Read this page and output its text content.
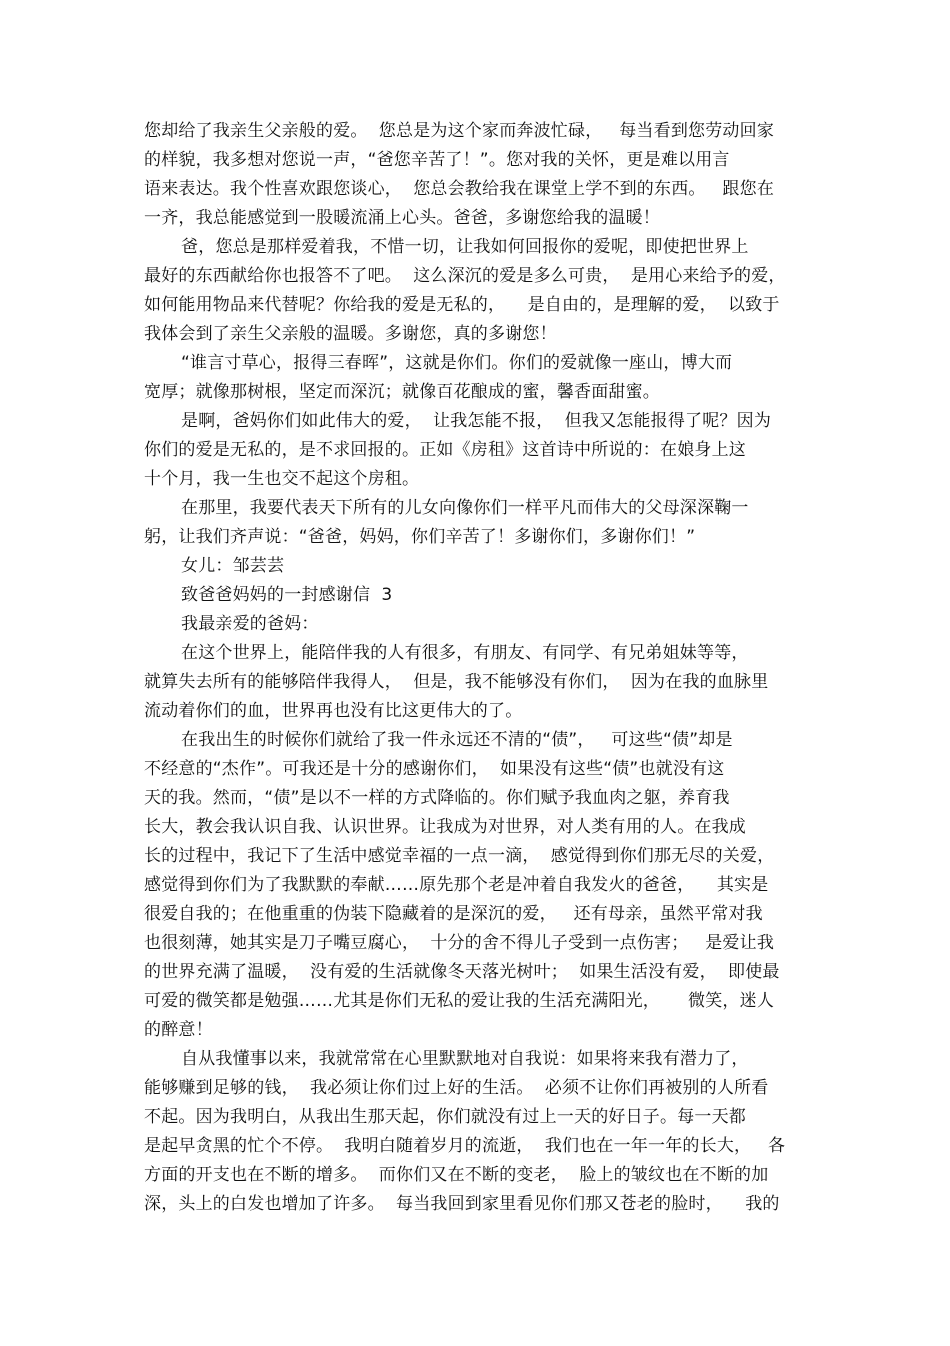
您却给了我亲生父亲般的爱。  您总是为这个家而奔波忙碌，   每当看到您劳动回家
的样貌，我多想对您说一声，“爸您辛苦了！”。您对我的关怀，更是难以用言
语来表达。我个性喜欢跟您谈心，  您总会教给我在课堂上学不到的东西。   跟您在
一齐，我总能感觉到一股暖流涌上心头。爸爸，多谢您给我的温暖！
爸，您总是那样爱着我，不惜一切，让我如何回报你的爱呢，即使把世界上
最好的东西献给你也报答不了吧。  这么深沉的爱是多么可贵，  是用心来给予的爱，
如何能用物品来代替呢？你给我的爱是无私的，    是自由的，是理解的爱，  以致于
我体会到了亲生父亲般的温暖。多谢您，真的多谢您！
“谁言寸草心，报得三春晖”，这就是你们。你们的爱就像一座山，博大而
宽厚；就像那树根，坚定而深沉；就像百花酿成的蜜，馨香面甜蜜。
是啊，爸妈你们如此伟大的爱，  让我怎能不报，  但我又怎能报得了呢？因为
你们的爱是无私的，是不求回报的。正如《房租》这首诗中所说的：在娘身上这
十个月，我一生也交不起这个房租。
在那里，我要代表天下所有的儿女向像你们一样平凡而伟大的父母深深鞠一
躬，让我们齐声说：“爸爸，妈妈，你们辛苦了！多谢你们，多谢你们！”
女儿：邹芸芸
致爸爸妈妈的一封感谢信  3
我最亲爱的爸妈：
在这个世界上，能陪伴我的人有很多，有朋友、有同学、有兄弟姐妹等等，
就算失去所有的能够陪伴我得人，  但是，我不能够没有你们，  因为在我的血脉里
流动着你们的血，世界再也没有比这更伟大的了。
在我出生的时候你们就给了我一件永远还不清的“债”，   可这些“债”却是
不经意的“杰作”。可我还是十分的感谢你们，  如果没有这些“债”也就没有这
天的我。然而，“债”是以不一样的方式降临的。你们赋予我血肉之躯，养育我
长大，教会我认识自我、认识世界。让我成为对世界，对人类有用的人。在我成
长的过程中，我记下了生活中感觉幸福的一点一滴，  感觉得到你们那无尽的关爱，
感觉得到你们为了我默默的奉献……原先那个老是冲着自我发火的爸爸，    其实是
很爱自我的；在他重重的伪装下隐藏着的是深沉的爱，   还有母亲，虽然平常对我
也很刻薄，她其实是刀子嘴豆腐心，  十分的舍不得儿子受到一点伤害；   是爱让我
的世界充满了温暖，  没有爱的生活就像冬天落光树叶；  如果生活没有爱，  即使最
可爱的微笑都是勉强……尤其是你们无私的爱让我的生活充满阳光，     微笑，迷人
的醉意！
自从我懂事以来，我就常常在心里默默地对自我说：如果将来我有潜力了，
能够赚到足够的钱，  我必须让你们过上好的生活。  必须不让你们再被别的人所看
不起。因为我明白，从我出生那天起，你们就没有过上一天的好日子。每一天都
是起早贪黑的忙个不停。  我明白随着岁月的流逝，  我们也在一年一年的长大，   各
方面的开支也在不断的增多。  而你们又在不断的变老，  脸上的皱纹也在不断的加
深，头上的白发也增加了许多。  每当我回到家里看见你们那又苍老的脸时，    我的
